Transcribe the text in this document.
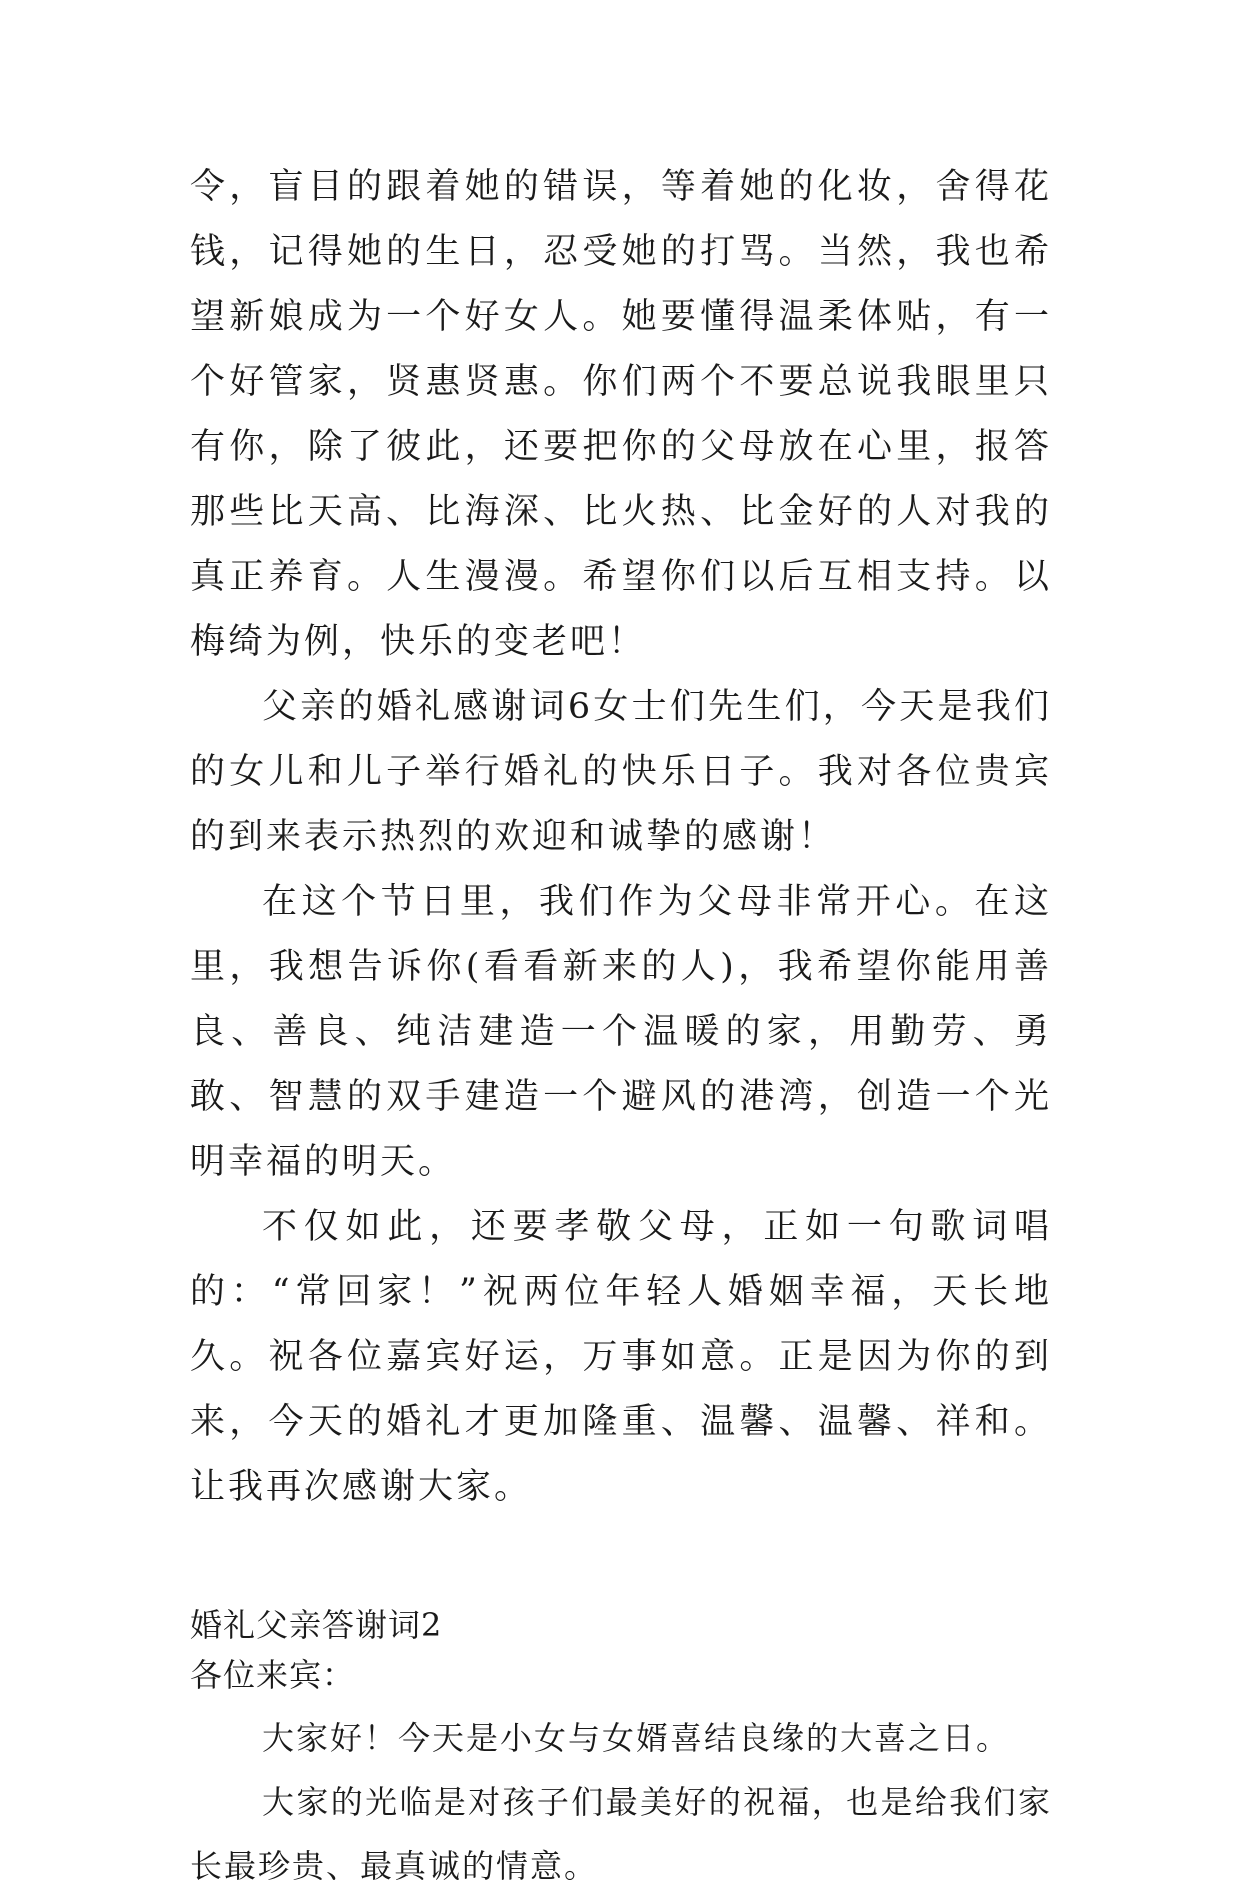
令，盲目的跟着她的错误，等着她的化妆，舍得花钱，记得她的生日，忍受她的打骂。当然，我也希望新娘成为一个好女人。她要懂得温柔体贴，有一个好管家，贤惠贤惠。你们两个不要总说我眼里只有你，除了彼此，还要把你的父母放在心里，报答那些比天高、比海深、比火热、比金好的人对我的真正养育。人生漫漫。希望你们以后互相支持。以梅绮为例，快乐的变老吧！

父亲的婚礼感谢词6女士们先生们，今天是我们的女儿和儿子举行婚礼的快乐日子。我对各位贵宾的到来表示热烈的欢迎和诚挚的感谢！

在这个节日里，我们作为父母非常开心。在这里，我想告诉你(看看新来的人)，我希望你能用善良、善良、纯洁建造一个温暖的家，用勤劳、勇敢、智慧的双手建造一个避风的港湾，创造一个光明幸福的明天。

不仅如此，还要孝敬父母，正如一句歌词唱的：“常回家！”祝两位年轻人婚姻幸福，天长地久。祝各位嘉宾好运，万事如意。正是因为你的到来，今天的婚礼才更加隆重、温馨、温馨、祥和。让我再次感谢大家。

婚礼父亲答谢词2

各位来宾：

大家好！今天是小女与女婿喜结良缘的大喜之日。

大家的光临是对孩子们最美好的祝福，也是给我们家长最珍贵、最真诚的情意。
